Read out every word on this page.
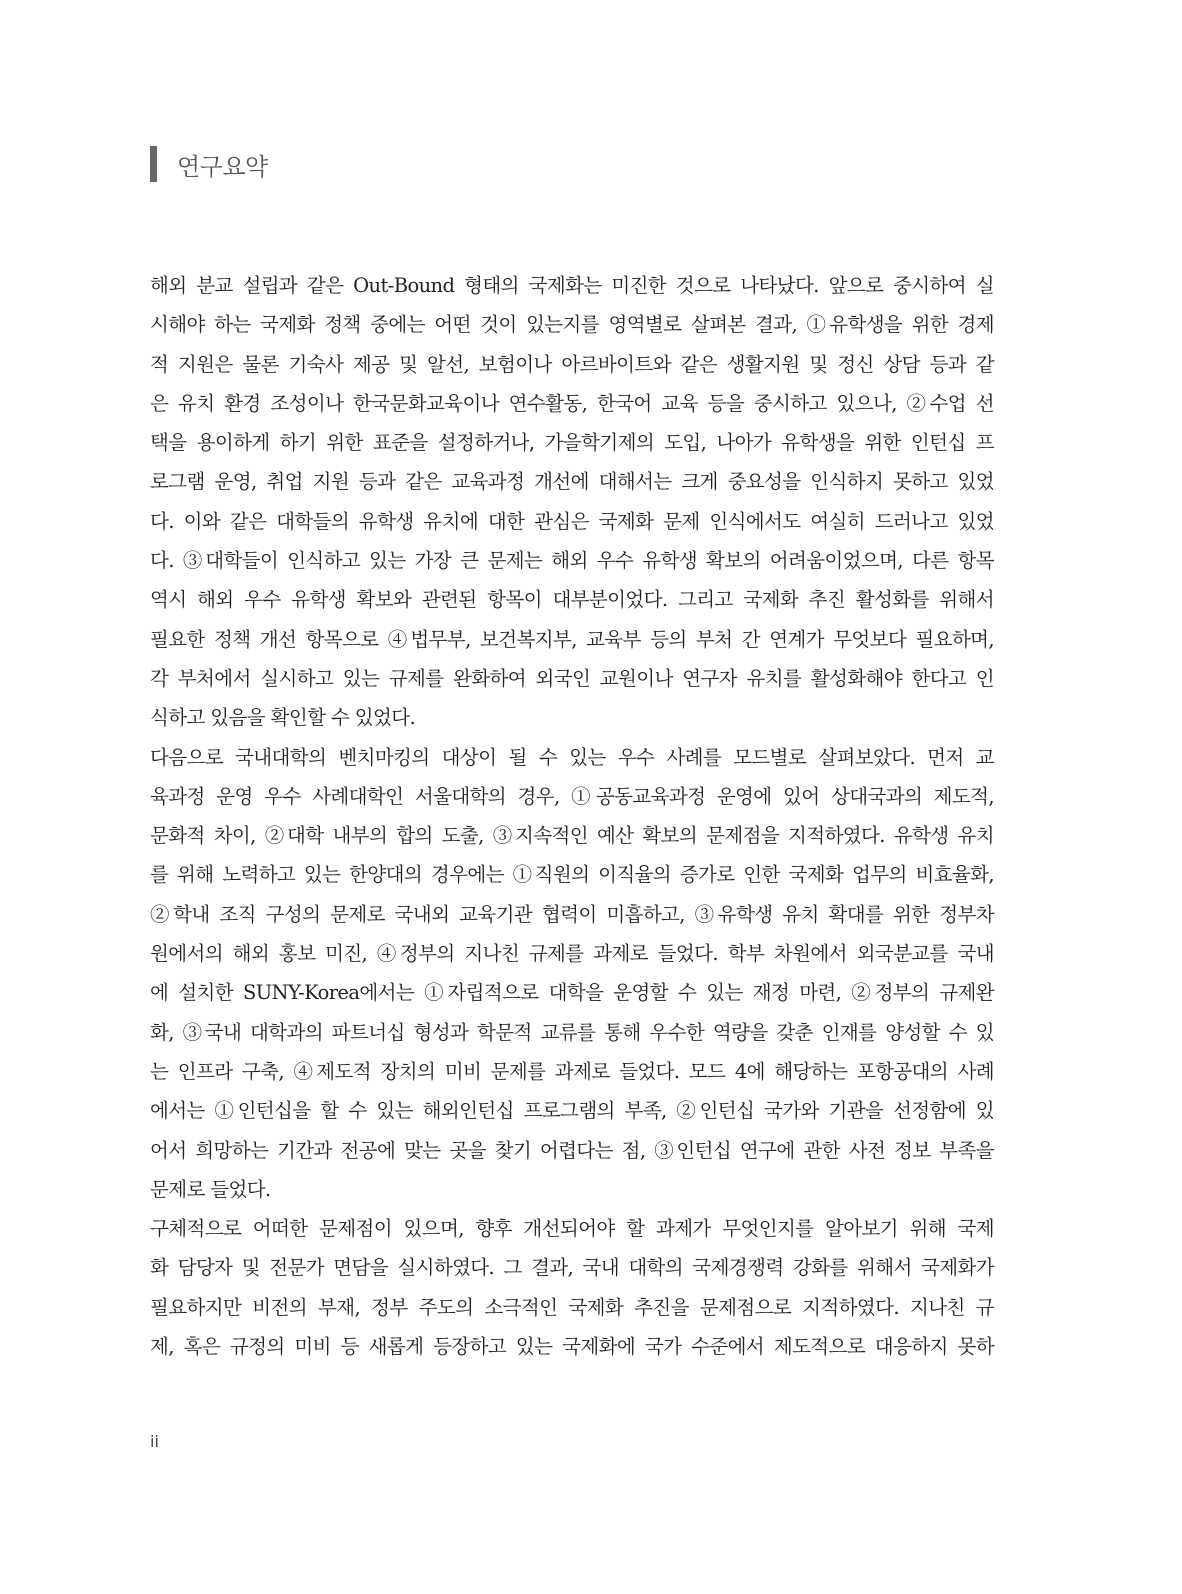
연구요약
해외 분교 설립과 같은 Out-Bound 형태의 국제화는 미진한 것으로 나타났다. 앞으로 중시하여 실
시해야 하는 국제화 정책 중에는 어떤 것이 있는지를 영역별로 살펴본 결과, ①유학생을 위한 경제
적 지원은 물론 기숙사 제공 및 알선, 보험이나 아르바이트와 같은 생활지원 및 정신 상담 등과 같
은 유치 환경 조성이나 한국문화교육이나 연수활동, 한국어 교육 등을 중시하고 있으나, ②수업 선
택을 용이하게 하기 위한 표준을 설정하거나, 가을학기제의 도입, 나아가 유학생을 위한 인턴십 프
로그램 운영, 취업 지원 등과 같은 교육과정 개선에 대해서는 크게 중요성을 인식하지 못하고 있었
다. 이와 같은 대학들의 유학생 유치에 대한 관심은 국제화 문제 인식에서도 여실히 드러나고 있었
다. ③대학들이 인식하고 있는 가장 큰 문제는 해외 우수 유학생 확보의 어려움이었으며, 다른 항목
역시 해외 우수 유학생 확보와 관련된 항목이 대부분이었다. 그리고 국제화 추진 활성화를 위해서
필요한 정책 개선 항목으로 ④법무부, 보건복지부, 교육부 등의 부처 간 연계가 무엇보다 필요하며,
각 부처에서 실시하고 있는 규제를 완화하여 외국인 교원이나 연구자 유치를 활성화해야 한다고 인
식하고 있음을 확인할 수 있었다.
다음으로 국내대학의 벤치마킹의 대상이 될 수 있는 우수 사례를 모드별로 살펴보았다. 먼저 교
육과정 운영 우수 사례대학인 서울대학의 경우, ①공동교육과정 운영에 있어 상대국과의 제도적,
문화적 차이, ②대학 내부의 합의 도출, ③지속적인 예산 확보의 문제점을 지적하였다. 유학생 유치
를 위해 노력하고 있는 한양대의 경우에는 ①직원의 이직율의 증가로 인한 국제화 업무의 비효율화,
②학내 조직 구성의 문제로 국내외 교육기관 협력이 미흡하고, ③유학생 유치 확대를 위한 정부차
원에서의 해외 홍보 미진, ④정부의 지나친 규제를 과제로 들었다. 학부 차원에서 외국분교를 국내
에 설치한 SUNY-Korea에서는 ①자립적으로 대학을 운영할 수 있는 재정 마련, ②정부의 규제완
화, ③국내 대학과의 파트너십 형성과 학문적 교류를 통해 우수한 역량을 갖춘 인재를 양성할 수 있
는 인프라 구축, ④제도적 장치의 미비 문제를 과제로 들었다. 모드 4에 해당하는 포항공대의 사례
에서는 ①인턴십을 할 수 있는 해외인턴십 프로그램의 부족, ②인턴십 국가와 기관을 선정함에 있
어서 희망하는 기간과 전공에 맞는 곳을 찾기 어렵다는 점, ③인턴십 연구에 관한 사전 정보 부족을
문제로 들었다.
구체적으로 어떠한 문제점이 있으며, 향후 개선되어야 할 과제가 무엇인지를 알아보기 위해 국제
화 담당자 및 전문가 면담을 실시하였다. 그 결과, 국내 대학의 국제경쟁력 강화를 위해서 국제화가
필요하지만 비전의 부재, 정부 주도의 소극적인 국제화 추진을 문제점으로 지적하였다. 지나친 규
제, 혹은 규정의 미비 등 새롭게 등장하고 있는 국제화에 국가 수준에서 제도적으로 대응하지 못하
ii
